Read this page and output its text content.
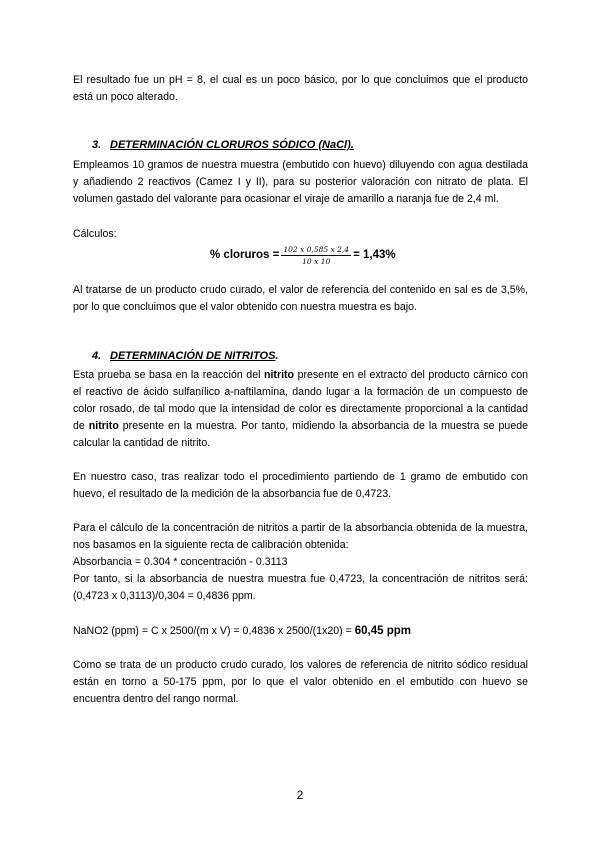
El resultado fue un pH = 8, el cual es un poco básico, por lo que concluimos que el producto está un poco alterado.

3. DETERMINACIÓN CLORUROS SÓDICO (NaCl).

Empleamos 10 gramos de nuestra muestra (embutido con huevo) diluyendo con agua destilada y añadiendo 2 reactivos (Camez I y II), para su posterior valoración con nitrato de plata. El volumen gastado del valorante para ocasionar el viraje de amarillo a naranja fue de 2,4 ml.

Cálculos:

% cloruros = $\frac{102 x 0,585 x 2,4}{10 x 10} = 1,43\%$

Al tratarse de un producto crudo curado, el valor de referencia del contenido en sal es de 3,5%, por lo que concluimos que el valor obtenido con nuestra muestra es bajo.

4. DETERMINACIÓN DE NITRITOS.

Esta prueba se basa en la reacción del nitrito presente en el extracto del producto cárnico con el reactivo de ácido sulfanílico a-naftilamina, dando lugar a la formación de un compuesto de color rosado, de tal modo que la intensidad de color es directamente proporcional a la cantidad de nitrito presente en la muestra. Por tanto, midiendo la absorbancia de la muestra se puede calcular la cantidad de nitrito.

En nuestro caso, tras realizar todo el procedimiento partiendo de 1 gramo de embutido con huevo, el resultado de la medición de la absorbancia fue de 0,4723.

Para el cálculo de la concentración de nitritos a partir de la absorbancia obtenida de la muestra, nos basamos en la siguiente recta de calibración obtenida:
Absorbancia = 0.304 * concentración - 0.3113
Por tanto, si la absorbancia de nuestra muestra fue 0,4723, la concentración de nitritos será: (0,4723 x 0,3113)/0,304 = 0,4836 ppm.

NaNO2 (ppm) = C x 2500/(m x V) = 0,4836 x 2500/(1x20) = 60,45 ppm

Como se trata de un producto crudo curado, los valores de referencia de nitrito sódico residual están en torno a 50-175 ppm, por lo que el valor obtenido en el embutido con huevo se encuentra dentro del rango normal.

2
